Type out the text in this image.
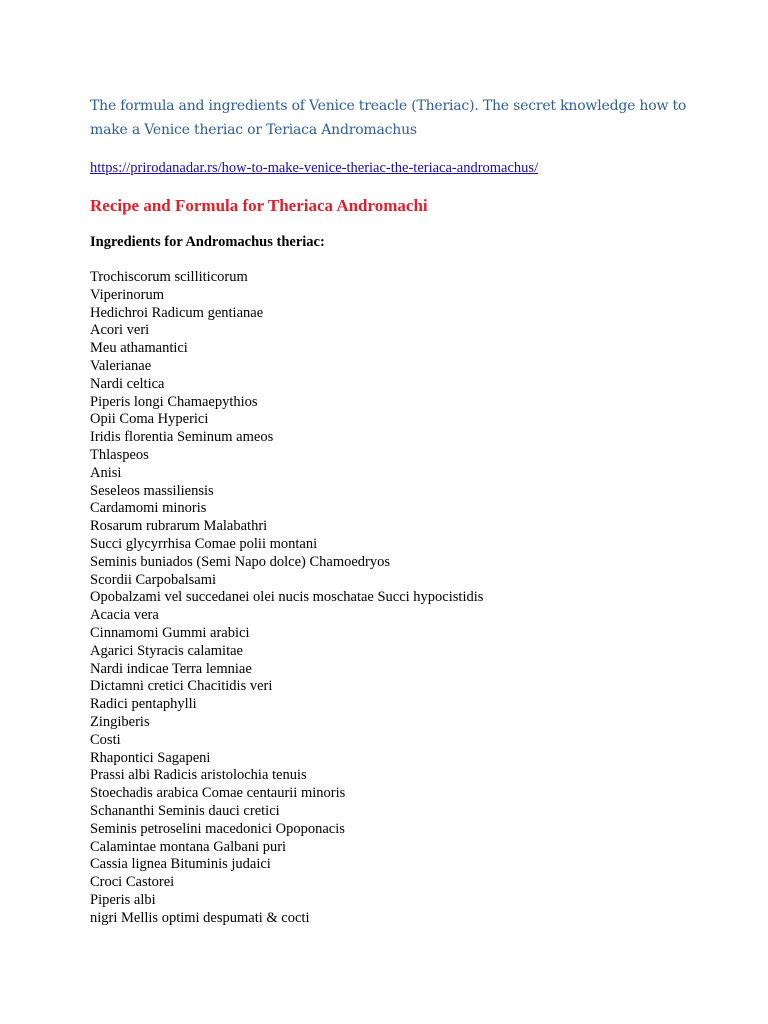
The formula and ingredients of Venice treacle (Theriac). The secret knowledge how to make a Venice theriac or Teriaca Andromachus
https://prirodanadar.rs/how-to-make-venice-theriac-the-teriaca-andromachus/
Recipe and Formula for Theriaca Andromachi
Ingredients for Andromachus theriac:
Trochiscorum scilliticorum
Viperinorum
Hedichroi Radicum gentianae
Acori veri
Meu athamantici
Valerianae
Nardi celtica
Piperis longi Chamaepythios
Opii Coma Hyperici
Iridis florentia Seminum ameos
Thlaspeos
Anisi
Seseleos massiliensis
Cardamomi minoris
Rosarum rubrarum Malabathri
Succi glycyrrhisa Comae polii montani
Seminis buniados (Semi Napo dolce) Chamoedryos
Scordii Carpobalsami
Opobalzami vel succedanei olei nucis moschatae Succi hypocistidis
Acacia vera
Cinnamomi Gummi arabici
Agarici Styracis calamitae
Nardi indicae Terra lemniae
Dictamni cretici Chacitidis veri
Radici pentaphylli
Zingiberis
Costi
Rhapontici Sagapeni
Prassi albi Radicis aristolochia tenuis
Stoechadis arabica Comae centaurii minoris
Schananthi Seminis dauci cretici
Seminis petroselini macedonici Opoponacis
Calamintae montana Galbani puri
Cassia lignea Bituminis judaici
Croci Castorei
Piperis albi
nigri Mellis optimi despumati & cocti
